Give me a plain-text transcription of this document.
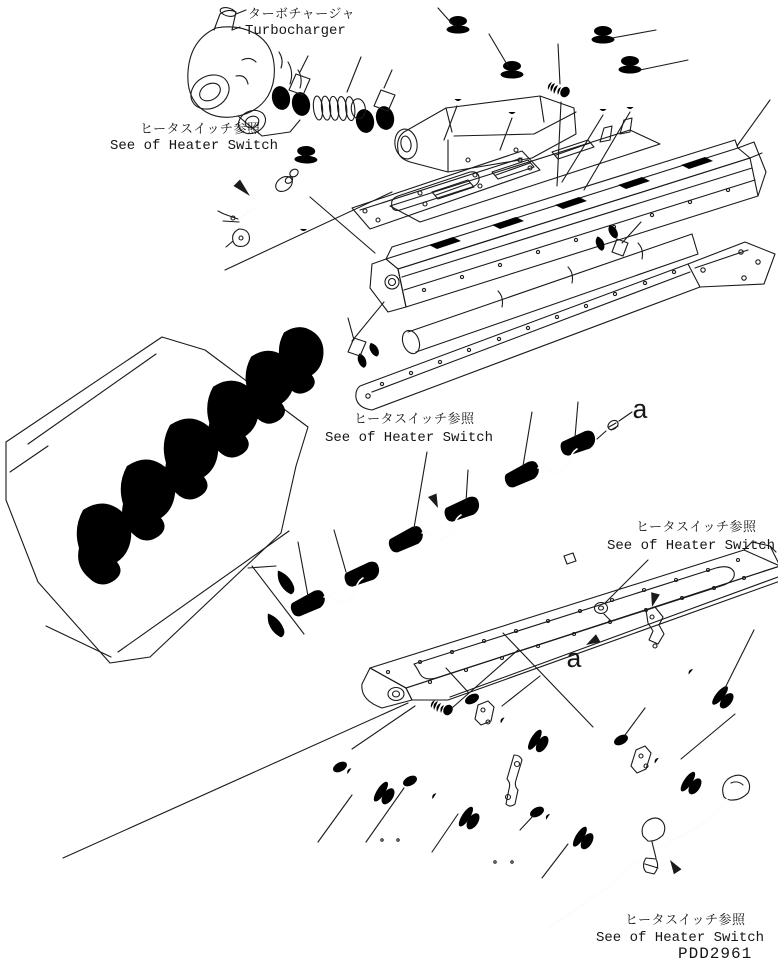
ターボチャージャ
Turbocharger
ヒータスイッチ参照
See of Heater Switch
ヒータスイッチ参照
See of Heater Switch
ヒータスイッチ参照
See of Heater Switch
ヒータスイッチ参照
See of Heater Switch
PDD2961
a
a
